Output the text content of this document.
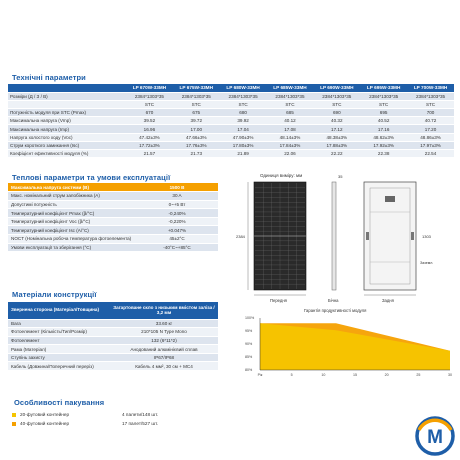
Технічні параметри
	LP 670W-33MH	LP 675W-33MH	LP 680W-33MH	LP 685W-33MH	LP 690W-33MH	LP 695W-33MH	LP 700W-33MH
Розміри (Д / З / В)	2384*1303*35	2384*1303*35	2384*1303*35	2384*1303*35	2384*1303*35	2384*1303*35	2384*1303*35
	STC	STC	STC	STC	STC	STC	STC
Потужність модуля при STC (Pmax)	670	675	680	685	690	695	700
Максимальна напруга (Vmp)	39.52	39.72	39.92	40.12	40.32	40.52	40.72
Максимальна напруга (Imp)	16.96	17.00	17.04	17.08	17.12	17.16	17.20
Напруга холостого ходу (Voc)	47.42±3%	47.66±3%	47.90±3%	48.14±3%	48.38±3%	48.62±3%	48.86±3%
Струм короткого замикання (Isc)	17.72±3%	17.76±3%	17.80±3%	17.84±3%	17.88±3%	17.92±3%	17.97±3%
Коефіцієнт ефективності модуля (%)	21.57	21.73	21.89	22.06	22.22	22.38	22.54
Теплові параметри та умови експлуатації
Максимальна напруга системи (В)	1500 В
Макс. номінальний струм запобіжника (А)	30 A
Допустимі потужність	0~+5 Вт
Температурний коефіцієнт Pmax (β/°C)	-0,240%
Температурний коефіцієнт Voc (β/°C)	-0,220%
Температурний коефіцієнт Isc (A/°C)	+0.047%
NOCT (Номінальна робоча температура фотоелемента)	45±2°C
Умови експлуатації та зберігання (°C)	-40°C~+85°C
Матеріали конструкції
Звернена сторона (Матеріал/Товщина)	Загартоване скло з низьким вмістом заліза / 3,2 мм
Вага	33.60 кг
Фотоелемент (Кількість/Тип/Розмір)	210*105 N Type Mono
Фотоелемент	132 (6*11*2)
Рама (Матеріал)	Анодований алюмінієвий сплав
Ступінь захисту	IP67/IP68
Кабель (Довжина/Поперечний переріз)	Кабель 4 мм², 30 см + MC4
Особливості пакування
20-футовий контейнер	4 палети/148 шт.
40-футовий контейнер	17 палет/527 шт.
Одиниця виміру: мм
2384
Передня	Бічна
35
Задня
1303
Заземл.
100%
95%
90%
85%
80%
Рік	5	10	15	20	25	30
Гарантія продуктивності модуля
M
